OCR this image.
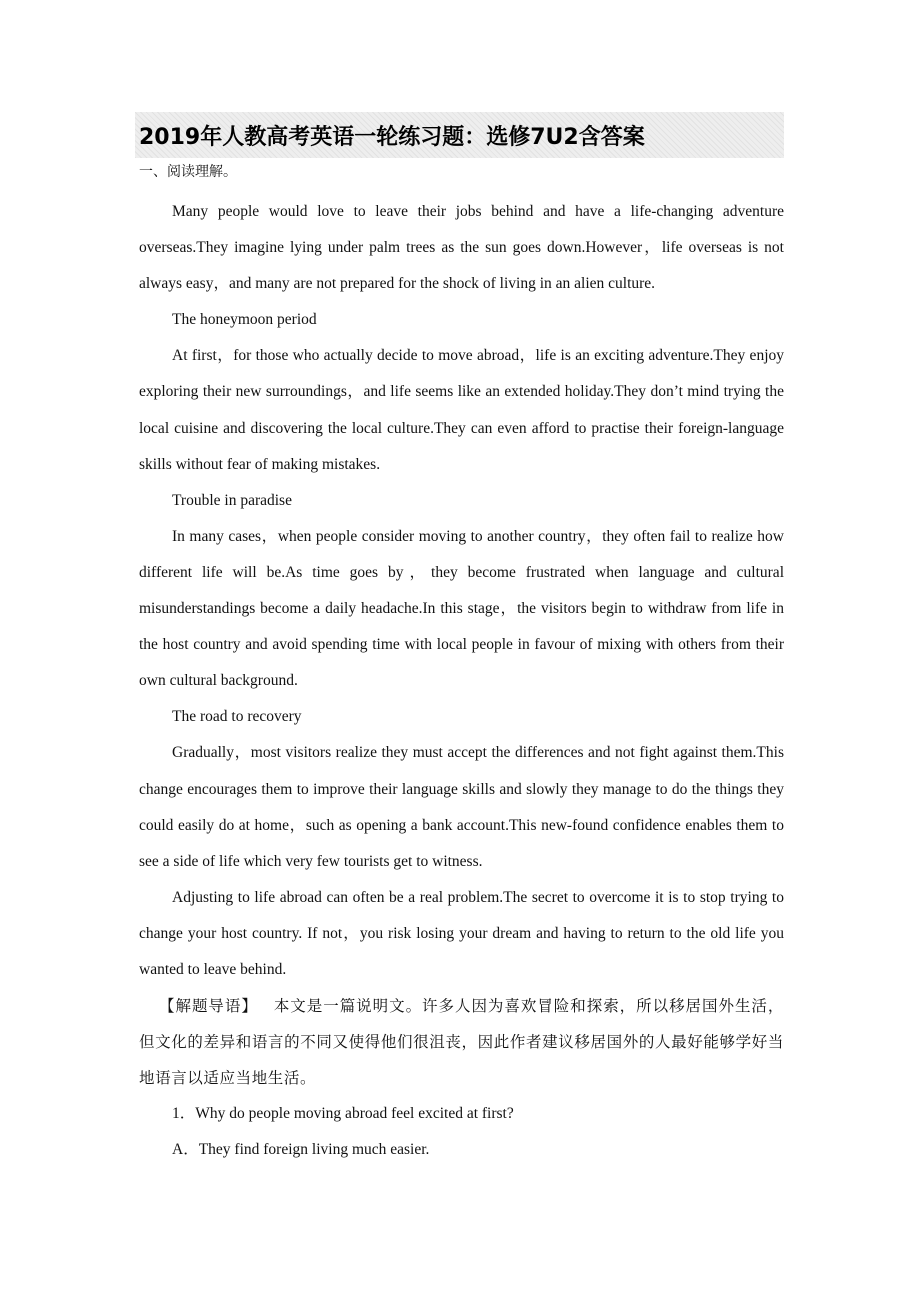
2019年人教高考英语一轮练习题：选修7U2含答案

一、阅读理解。

Many people would love to leave their jobs behind and have a life-changing adventure overseas.They imagine lying under palm trees as the sun goes down.However，life overseas is not always easy，and many are not prepared for the shock of living in an alien culture.

The honeymoon period

At first，for those who actually decide to move abroad，life is an exciting adventure.They enjoy exploring their new surroundings，and life seems like an extended holiday.They don’t mind trying the local cuisine and discovering the local culture.They can even afford to practise their foreign-language skills without fear of making mistakes.

Trouble in paradise

In many cases，when people consider moving to another country，they often fail to realize how different life will be.As time goes by，they become frustrated when language and cultural misunderstandings become a daily headache.In this stage，the visitors begin to withdraw from life in the host country and avoid spending time with local people in favour of mixing with others from their own cultural background.

The road to recovery

Gradually，most visitors realize they must accept the differences and not fight against them.This change encourages them to improve their language skills and slowly they manage to do the things they could easily do at home，such as opening a bank account.This new-found confidence enables them to see a side of life which very few tourists get to witness.

Adjusting to life abroad can often be a real problem.The secret to overcome it is to stop trying to change your host country. If not，you risk losing your dream and having to return to the old life you wanted to leave behind.

【解题导语】 本文是一篇说明文。许多人因为喜欢冒险和探索，所以移居国外生活，但文化的差异和语言的不同又使得他们很沮丧，因此作者建议移居国外的人最好能够学好当地语言以适应当地生活。

1．Why do people moving abroad feel excited at first?

A．They find foreign living much easier.
